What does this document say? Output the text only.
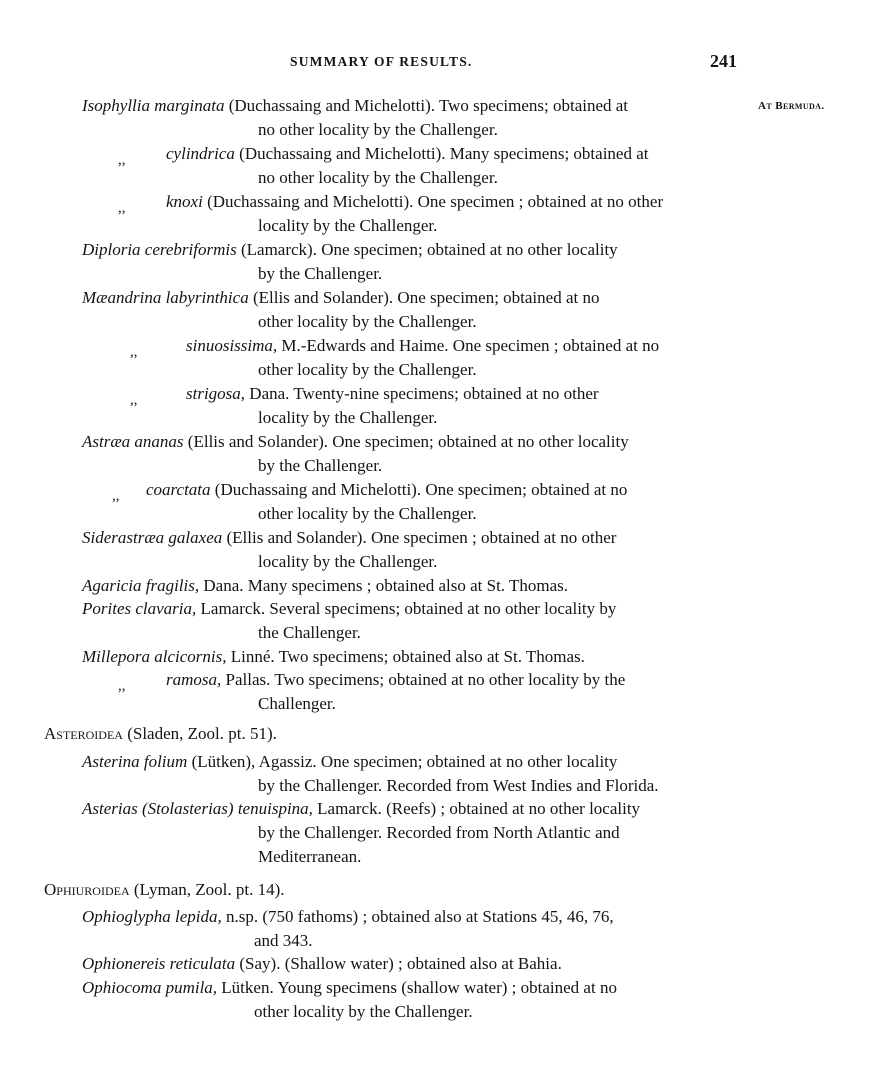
SUMMARY OF RESULTS.	241
At Bermuda.
Isophyllia marginata (Duchassaing and Michelotti). Two specimens; obtained at
no other locality by the Challenger.
,, cylindrica (Duchassaing and Michelotti). Many specimens; obtained at
no other locality by the Challenger.
,, knoxi (Duchassaing and Michelotti). One specimen ; obtained at no other
locality by the Challenger.
Diploria cerebriformis (Lamarck). One specimen; obtained at no other locality
by the Challenger.
Mæandrina labyrinthica (Ellis and Solander). One specimen; obtained at no
other locality by the Challenger.
,,	sinuosissima, M.-Edwards and Haime. One specimen ; obtained at no
other locality by the Challenger.
,,	strigosa, Dana. Twenty-nine specimens; obtained at no other
locality by the Challenger.
Astræa ananas (Ellis and Solander). One specimen; obtained at no other locality
by the Challenger.
,, coarctata (Duchassaing and Michelotti). One specimen; obtained at no
other locality by the Challenger.
Siderastræa galaxea (Ellis and Solander). One specimen ; obtained at no other
locality by the Challenger.
Agaricia fragilis, Dana. Many specimens ; obtained also at St. Thomas.
Porites clavaria, Lamarck. Several specimens; obtained at no other locality by
the Challenger.
Millepora alcicornis, Linné. Two specimens; obtained also at St. Thomas.
,, ramosa, Pallas. Two specimens; obtained at no other locality by the
Challenger.
Asteroidea (Sladen, Zool. pt. 51).
Asterina folium (Lütken), Agassiz. One specimen; obtained at no other locality
by the Challenger. Recorded from West Indies and Florida.
Asterias (Stolasterias) tenuispina, Lamarck. (Reefs) ; obtained at no other locality
by the Challenger. Recorded from North Atlantic and
Mediterranean.
Ophiuroidea (Lyman, Zool. pt. 14).
Ophioglypha lepida, n.sp. (750 fathoms) ; obtained also at Stations 45, 46, 76,
and 343.
Ophionereis reticulata (Say). (Shallow water) ; obtained also at Bahia.
Ophiocoma pumila, Lütken. Young specimens (shallow water) ; obtained at no
other locality by the Challenger.
